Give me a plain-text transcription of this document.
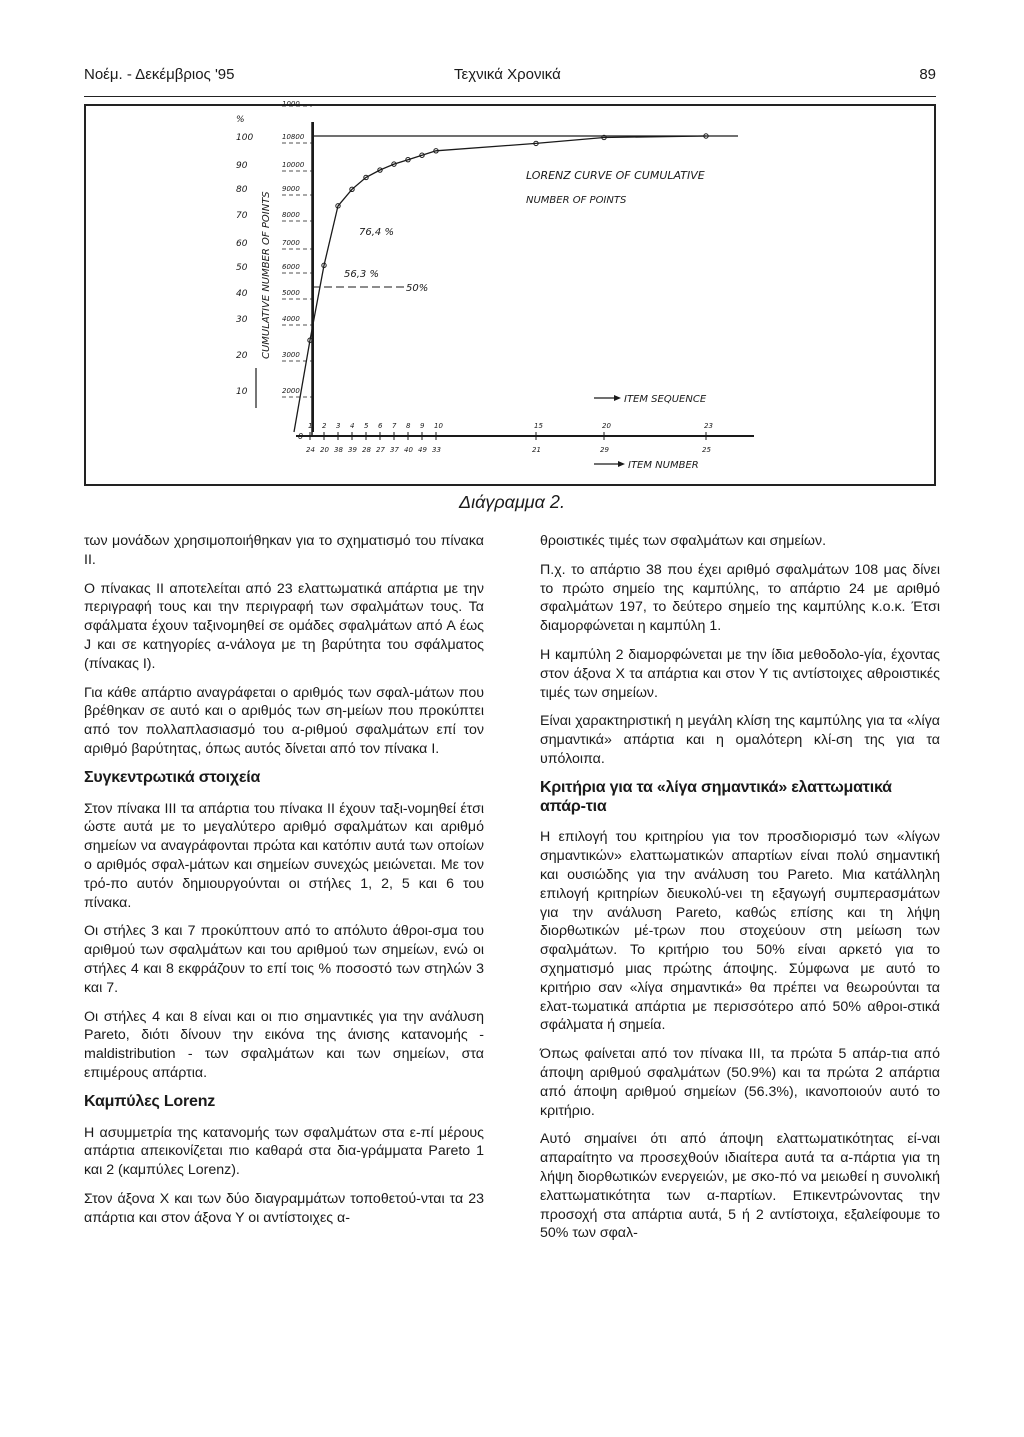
Νοέμ. - Δεκέμβριος '95	Τεχνικά Χρονικά	89
%
100
90
80
70
60
50
40
30
20
10
10800
10000
9000
8000
7000
6000
5000
4000
3000
2000
1000
1 2 3 4 5 6 7 8 9 10	15	20	23
24 20 38 39 28 27 37 40 49 33	21	29	25
LORENZ CURVE OF CUMULATIVE
NUMBER OF POINTS
CUMULATIVE NUMBER OF POINTS	56,3 %
76,4 %
50%
0
ITEM SEQUENCE
ITEM NUMBER
Διάγραμμα 2.

των μονάδων χρησιμοποιήθηκαν για το σχηματισμό του πίνακα ΙΙ.

Ο πίνακας ΙΙ αποτελείται από 23 ελαττωματικά απάρτια με την περιγραφή τους και την περιγραφή των σφαλμάτων τους. Τα σφάλματα έχουν ταξινομηθεί σε ομάδες σφαλμάτων από Α έως J και σε κατηγορίες α-νάλογα με τη βαρύτητα του σφάλματος (πίνακας Ι).

Για κάθε απάρτιο αναγράφεται ο αριθμός των σφαλ-μάτων που βρέθηκαν σε αυτό και ο αριθμός των ση-μείων που προκύπτει από τον πολλαπλασιασμό του α-ριθμού σφαλμάτων επί τον αριθμό βαρύτητας, όπως αυτός δίνεται από τον πίνακα Ι.

Συγκεντρωτικά στοιχεία

Στον πίνακα ΙΙΙ τα απάρτια του πίνακα ΙΙ έχουν ταξι-νομηθεί έτσι ώστε αυτά με το μεγαλύτερο αριθμό σφαλμάτων και αριθμό σημείων να αναγράφονται πρώτα και κατόπιν αυτά των οποίων ο αριθμός σφαλ-μάτων και σημείων συνεχώς μειώνεται. Με τον τρό-πο αυτόν δημιουργούνται οι στήλες 1, 2, 5 και 6 του πίνακα.

Οι στήλες 3 και 7 προκύπτουν από το απόλυτο άθροι-σμα του αριθμού των σφαλμάτων και του αριθμού των σημείων, ενώ οι στήλες 4 και 8 εκφράζουν το επί τοις % ποσοστό των στηλών 3 και 7.

Οι στήλες 4 και 8 είναι και οι πιο σημαντικές για την ανάλυση Pareto, διότι δίνουν την εικόνα της άνισης κατανομής - maldistribution - των σφαλμάτων και των σημείων, στα επιμέρους απάρτια.

Καμπύλες Lorenz

Η ασυμμετρία της κατανομής των σφαλμάτων στα ε-πί μέρους απάρτια απεικονίζεται πιο καθαρά στα δια-γράμματα Pareto 1 και 2 (καμπύλες Lorenz).

Στον άξονα Χ και των δύο διαγραμμάτων τοποθετού-νται τα 23 απάρτια και στον άξονα Υ οι αντίστοιχες α-

θροιστικές τιμές των σφαλμάτων και σημείων.

Π.χ. το απάρτιο 38 που έχει αριθμό σφαλμάτων 108 μας δίνει το πρώτο σημείο της καμπύλης, το απάρτιο 24 με αριθμό σφαλμάτων 197, το δεύτερο σημείο της καμπύλης κ.ο.κ. Έτσι διαμορφώνεται η καμπύλη 1.

Η καμπύλη 2 διαμορφώνεται με την ίδια μεθοδολο-γία, έχοντας στον άξονα Χ τα απάρτια και στον Υ τις αντίστοιχες αθροιστικές τιμές των σημείων.

Είναι χαρακτηριστική η μεγάλη κλίση της καμπύλης για τα «λίγα σημαντικά» απάρτια και η ομαλότερη κλί-ση της για τα υπόλοιπα.

Κριτήρια για τα «λίγα σημαντικά» ελαττωματικά απάρ-τια

Η επιλογή του κριτηρίου για τον προσδιορισμό των «λίγων σημαντικών» ελαττωματικών απαρτίων είναι πολύ σημαντική και ουσιώδης για την ανάλυση του Pareto. Μια κατάλληλη επιλογή κριτηρίων διευκολύ-νει τη εξαγωγή συμπερασμάτων για την ανάλυση Pareto, καθώς επίσης και τη λήψη διορθωτικών μέ-τρων που στοχεύουν στη μείωση των σφαλμάτων. Το κριτήριο του 50% είναι αρκετό για το σχηματισμό μιας πρώτης άποψης. Σύμφωνα με αυτό το κριτήριο σαν «λίγα σημαντικά» θα πρέπει να θεωρούνται τα ελατ-τωματικά απάρτια με περισσότερο από 50% αθροι-στικά σφάλματα ή σημεία.

Όπως φαίνεται από τον πίνακα ΙΙΙ, τα πρώτα 5 απάρ-τια από άποψη αριθμού σφαλμάτων (50.9%) και τα πρώτα 2 απάρτια από άποψη αριθμού σημείων (56.3%), ικανοποιούν αυτό το κριτήριο.

Αυτό σημαίνει ότι από άποψη ελαττωματικότητας εί-ναι απαραίτητο να προσεχθούν ιδιαίτερα αυτά τα α-πάρτια για τη λήψη διορθωτικών ενεργειών, με σκο-πό να μειωθεί η συνολική ελαττωματικότητα των α-παρτίων. Επικεντρώνοντας την προσοχή στα απάρτια αυτά, 5 ή 2 αντίστοιχα, εξαλείφουμε το 50% των σφαλ-
